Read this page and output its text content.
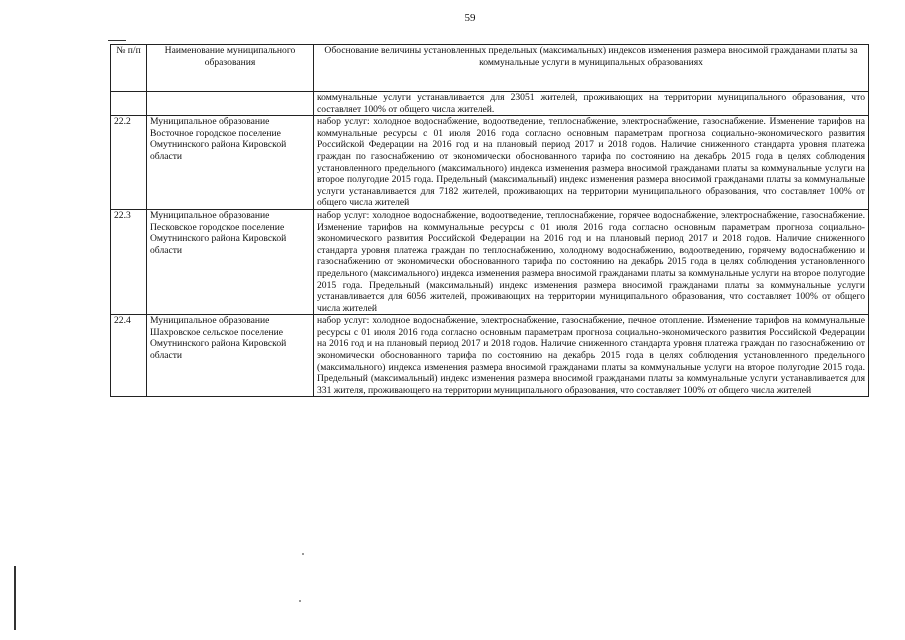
59
№ п/п	Наименование муниципального образования	Обоснование величины установленных предельных (максимальных) индексов изменения размера вносимой гражданами платы за коммунальные услуги в муниципальных образованиях
		коммунальные услуги устанавливается для 23051 жителей, проживающих на территории муниципального образования, что составляет 100% от общего числа жителей.
22.2	Муниципальное образование Восточное городское поселение Омутнинского района Кировской области	набор услуг: холодное водоснабжение, водоотведение, теплоснабжение, электроснабжение, газоснабжение. Изменение тарифов на коммунальные ресурсы с 01 июля 2016 года согласно основным параметрам прогноза социально-экономического развития Российской Федерации на 2016 год и на плановый период 2017 и 2018 годов. Наличие сниженного стандарта уровня платежа граждан по газоснабжению от экономически обоснованного тарифа по состоянию на декабрь 2015 года в целях соблюдения установленного предельного (максимального) индекса изменения размера вносимой гражданами платы за коммунальные услуги на второе полугодие 2015 года. Предельный (максимальный) индекс изменения размера вносимой гражданами платы за коммунальные услуги устанавливается для 7182 жителей, проживающих на территории муниципального образования, что составляет 100% от общего числа жителей
22.3	Муниципальное образование Песковское городское поселение Омутнинского района Кировской области	набор услуг: холодное водоснабжение, водоотведение, теплоснабжение, горячее водоснабжение, электроснабжение, газоснабжение. Изменение тарифов на коммунальные ресурсы с 01 июля 2016 года согласно основным параметрам прогноза социально-экономического развития Российской Федерации на 2016 год и на плановый период 2017 и 2018 годов. Наличие сниженного стандарта уровня платежа граждан по теплоснабжению, холодному водоснабжению, водоотведению, горячему водоснабжению и газоснабжению от экономически обоснованного тарифа по состоянию на декабрь 2015 года в целях соблюдения установленного предельного (максимального) индекса изменения размера вносимой гражданами платы за коммунальные услуги на второе полугодие 2015 года. Предельный (максимальный) индекс изменения размера вносимой гражданами платы за коммунальные услуги устанавливается для 6056 жителей, проживающих на территории муниципального образования, что составляет 100% от общего числа жителей
22.4	Муниципальное образование Шахровское сельское поселение Омутнинского района Кировской области	набор услуг: холодное водоснабжение, электроснабжение, газоснабжение, печное отопление. Изменение тарифов на коммунальные ресурсы с 01 июля 2016 года согласно основным параметрам прогноза социально-экономического развития Российской Федерации на 2016 год и на плановый период 2017 и 2018 годов. Наличие сниженного стандарта уровня платежа граждан по газоснабжению от экономически обоснованного тарифа по состоянию на декабрь 2015 года в целях соблюдения установленного предельного (максимального) индекса изменения размера вносимой гражданами платы за коммунальные услуги на второе полугодие 2015 года. Предельный (максимальный) индекс изменения размера вносимой гражданами платы за коммунальные услуги устанавливается для 331 жителя, проживающего на территории муниципального образования, что составляет 100% от общего числа жителей
